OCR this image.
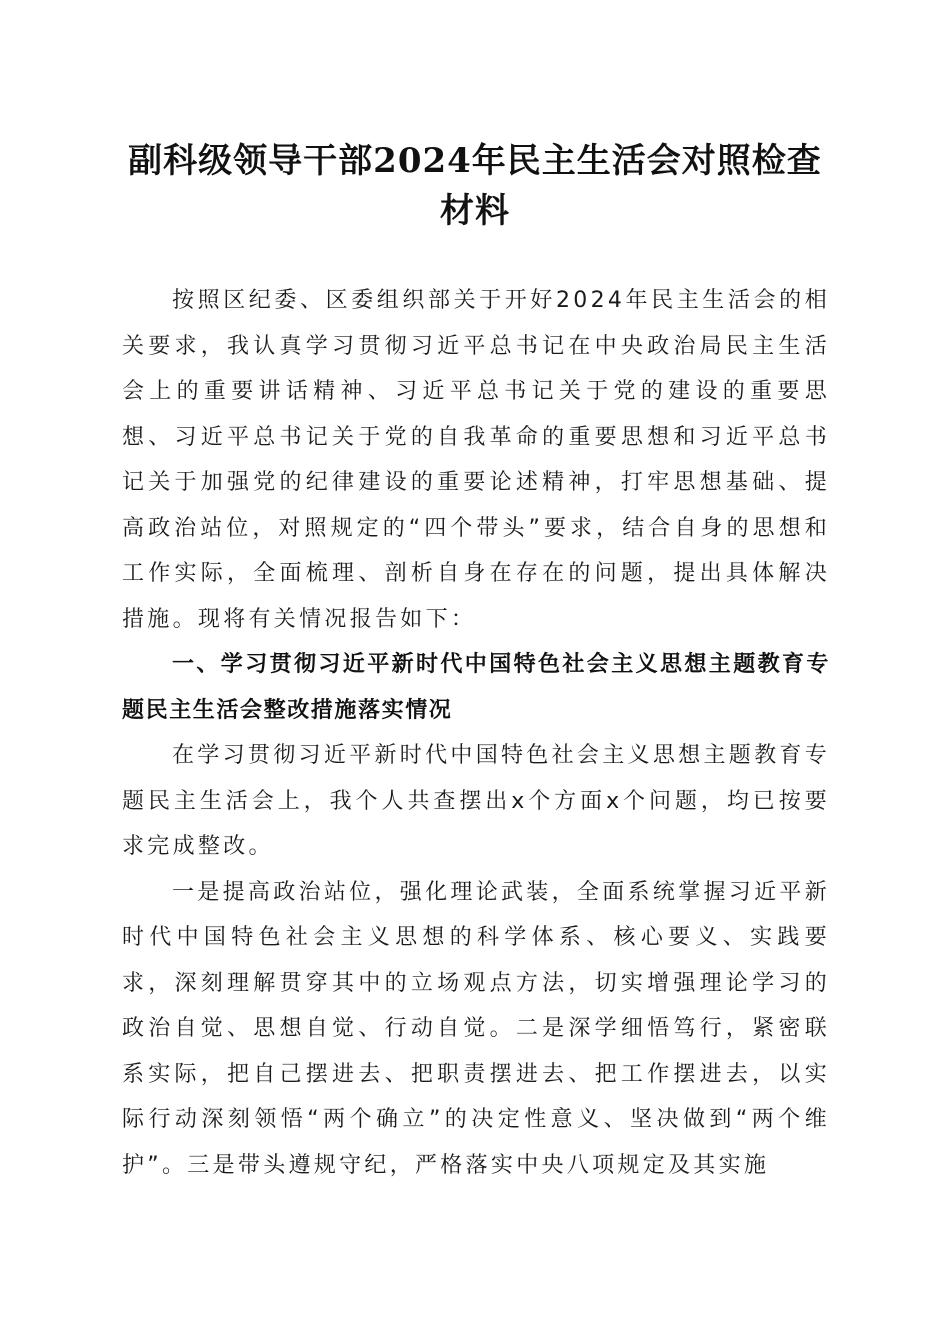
副科级领导干部2024年民主生活会对照检查
材料

按照区纪委、区委组织部关于开好2024年民主生活会的相关要求，我认真学习贯彻习近平总书记在中央政治局民主生活会上的重要讲话精神、习近平总书记关于党的建设的重要思想、习近平总书记关于党的自我革命的重要思想和习近平总书记关于加强党的纪律建设的重要论述精神，打牢思想基础、提高政治站位，对照规定的“四个带头”要求，结合自身的思想和工作实际，全面梳理、剖析自身在存在的问题，提出具体解决措施。现将有关情况报告如下：

一、学习贯彻习近平新时代中国特色社会主义思想主题教育专题民主生活会整改措施落实情况

在学习贯彻习近平新时代中国特色社会主义思想主题教育专题民主生活会上，我个人共查摆出x个方面x个问题，均已按要求完成整改。

一是提高政治站位，强化理论武装，全面系统掌握习近平新时代中国特色社会主义思想的科学体系、核心要义、实践要求，深刻理解贯穿其中的立场观点方法，切实增强理论学习的政治自觉、思想自觉、行动自觉。二是深学细悟笃行，紧密联系实际，把自己摆进去、把职责摆进去、把工作摆进去，以实际行动深刻领悟“两个确立”的决定性意义、坚决做到“两个维护”。三是带头遵规守纪，严格落实中央八项规定及其实施
